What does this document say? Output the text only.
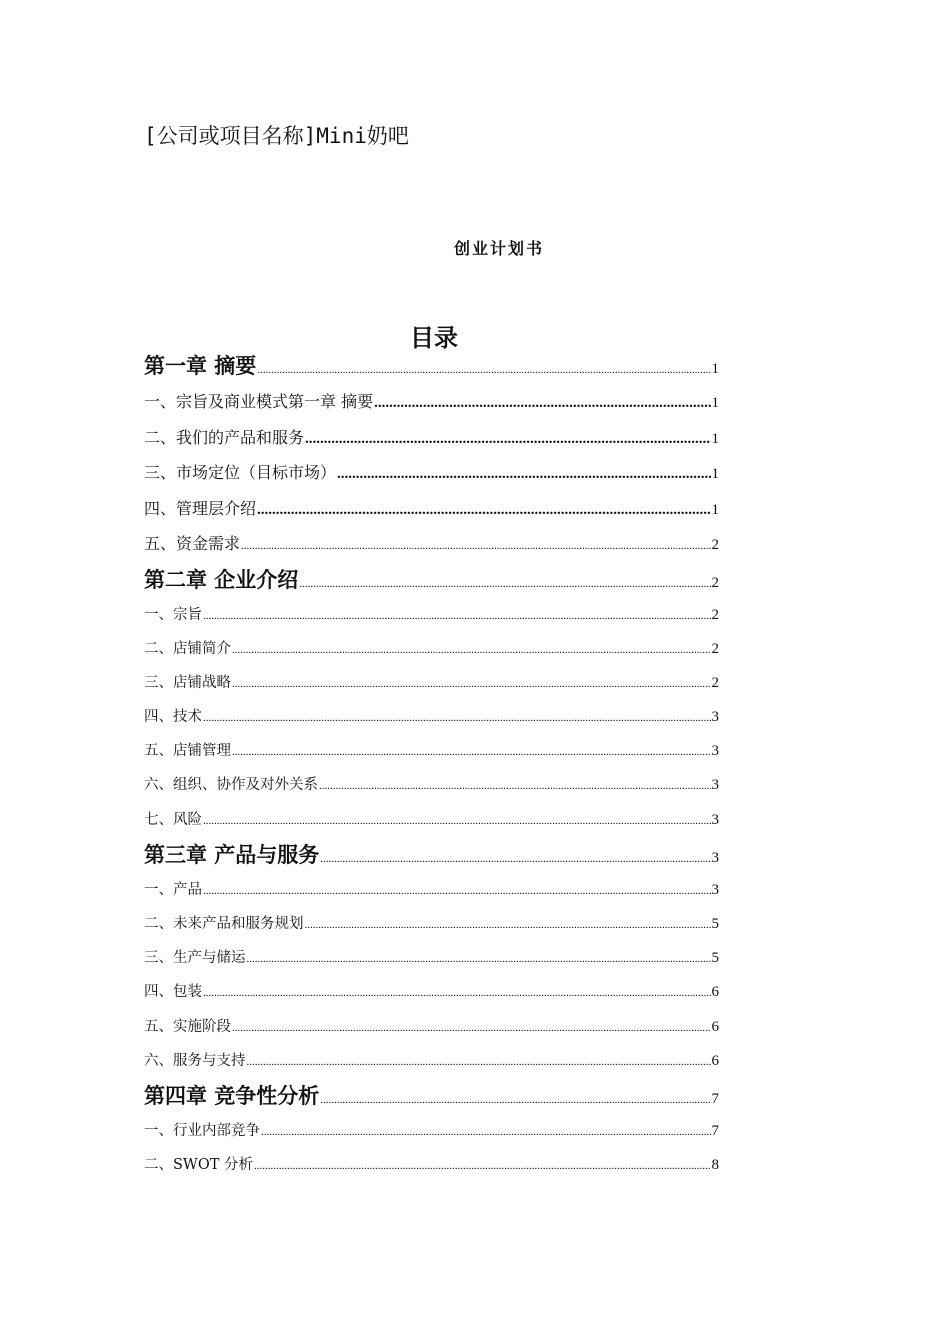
[公司或项目名称]Mini奶吧
创业计划书
目录
第一章 摘要 .....	1
一、宗旨及商业模式第一章 摘要 .....	1
二、我们的产品和服务 .....	1
三、市场定位（目标市场） .....	1
四、管理层介绍 .....	1
五、资金需求 .....	2
第二章 企业介绍 .....	2
一、宗旨 .....	2
二、店铺简介 .....	2
三、店铺战略 .....	2
四、技术 .....	3
五、店铺管理 .....	3
六、组织、协作及对外关系 .....	3
七、风险 .....	3
第三章 产品与服务 .....	3
一、产品 .....	3
二、未来产品和服务规划 .....	5
三、生产与储运 .....	5
四、包装 .....	6
五、实施阶段 .....	6
六、服务与支持 .....	6
第四章 竞争性分析 .....	7
一、行业内部竞争 .....	7
二、SWOT 分析 .....	8
